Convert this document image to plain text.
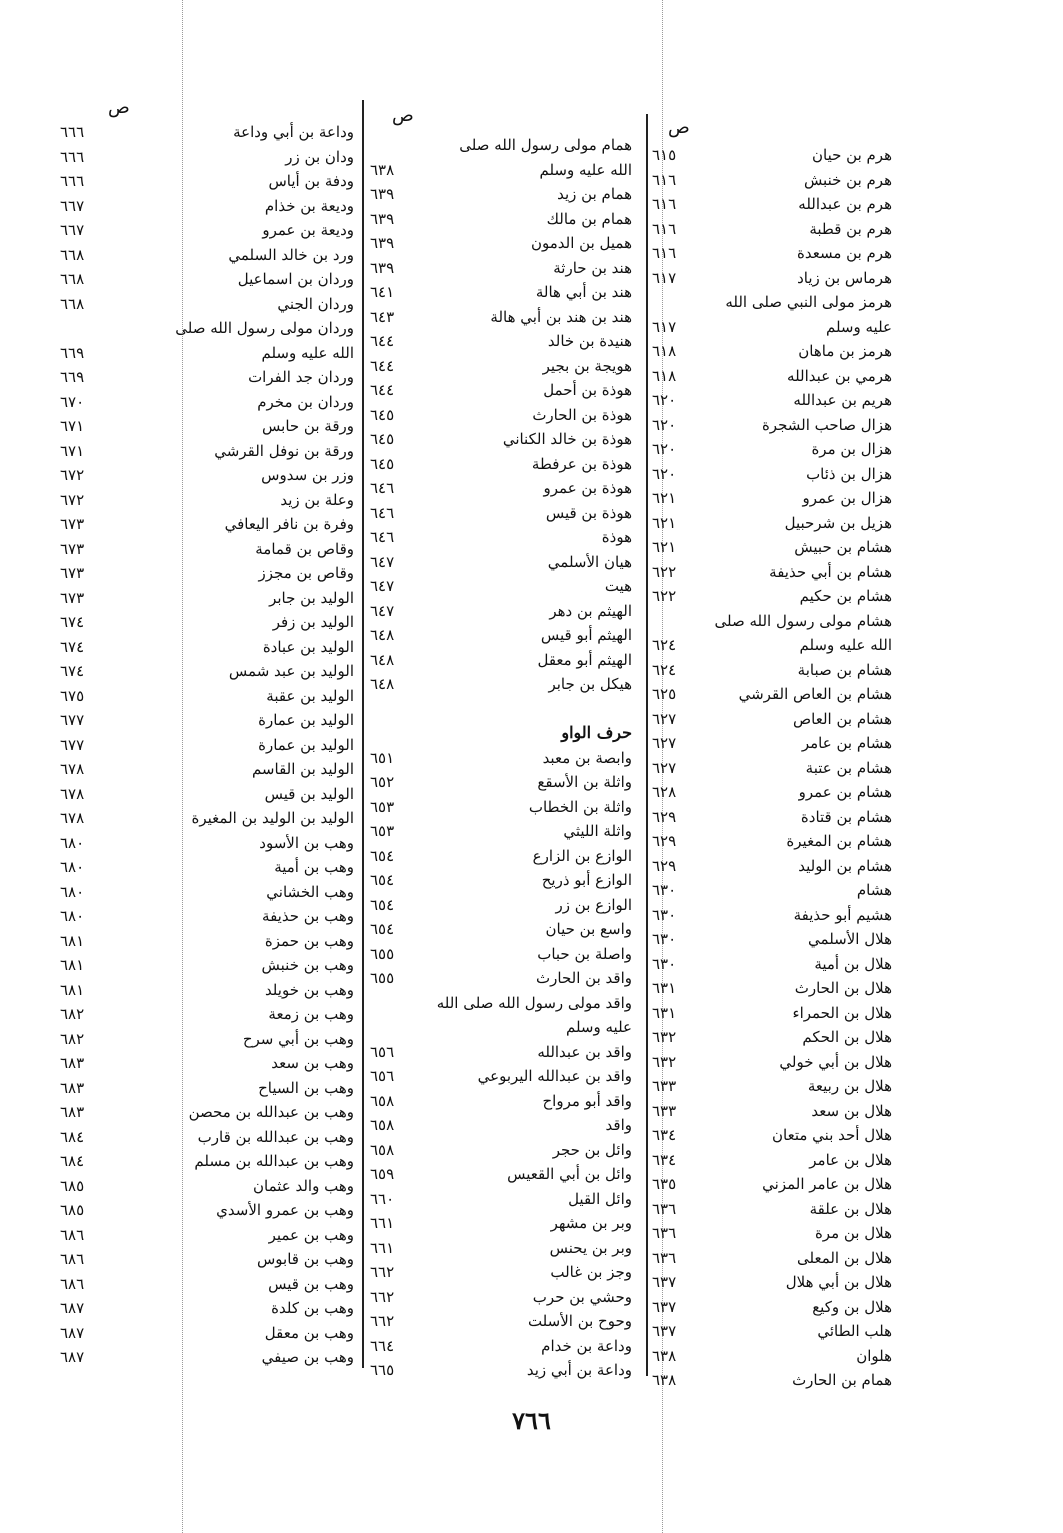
ص
ص
ص
هرم بن حيان
٦١٥
هرم بن خنبش
٦١٦
هرم بن عبدالله
٦١٦
هرم بن قطبة
٦١٦
هرم بن مسعدة
٦١٦
هرماس بن زياد
٦١٧
هرمز مولى النبي صلى الله
عليه وسلم
٦١٧
هرمز بن ماهان
٦١٨
هرمي بن عبدالله
٦١٨
هريم بن عبدالله
٦٢٠
هزال صاحب الشجرة
٦٢٠
هزال بن مرة
٦٢٠
هزال بن ذئاب
٦٢٠
هزال بن عمرو
٦٢١
هزيل بن شرحبيل
٦٢١
هشام بن حبيش
٦٢١
هشام بن أبي حذيفة
٦٢٢
هشام بن حكيم
٦٢٢
هشام مولى رسول الله صلى
الله عليه وسلم
٦٢٤
هشام بن صبابة
٦٢٤
هشام بن العاص القرشي
٦٢٥
هشام بن العاص
٦٢٧
هشام بن عامر
٦٢٧
هشام بن عتبة
٦٢٧
هشام بن عمرو
٦٢٨
هشام بن قتادة
٦٢٩
هشام بن المغيرة
٦٢٩
هشام بن الوليد
٦٢٩
هشام
٦٣٠
هشيم أبو حذيفة
٦٣٠
هلال الأسلمي
٦٣٠
هلال بن أمية
٦٣٠
هلال بن الحارث
٦٣١
هلال بن الحمراء
٦٣١
هلال بن الحكم
٦٣٢
هلال بن أبي خولي
٦٣٢
هلال بن ربيعة
٦٣٣
هلال بن سعد
٦٣٣
هلال أحد بني متعان
٦٣٤
هلال بن عامر
٦٣٤
هلال بن عامر المزني
٦٣٥
هلال بن علقة
٦٣٦
هلال بن مرة
٦٣٦
هلال بن المعلى
٦٣٦
هلال بن أبي هلال
٦٣٧
هلال بن وكيع
٦٣٧
هلب الطائي
٦٣٧
هلوان
٦٣٨
همام بن الحارث
٦٣٨
همام مولى رسول الله صلى
الله عليه وسلم
٦٣٨
همام بن زيد
٦٣٩
همام بن مالك
٦٣٩
هميل بن الدمون
٦٣٩
هند بن حارثة
٦٣٩
هند بن أبي هالة
٦٤١
هند بن هند بن أبي هالة
٦٤٣
هنيدة بن خالد
٦٤٤
هويجة بن بجير
٦٤٤
هوذة بن أحمل
٦٤٤
هوذة بن الحارث
٦٤٥
هوذة بن خالد الكناني
٦٤٥
هوذة بن عرفطة
٦٤٥
هوذة بن عمرو
٦٤٦
هوذة بن قيس
٦٤٦
هوذة
٦٤٦
هيان الأسلمي
٦٤٧
هيت
٦٤٧
الهيثم بن دهر
٦٤٧
الهيثم أبو قيس
٦٤٨
الهيثم أبو معقل
٦٤٨
هيكل بن جابر
٦٤٨
حرف الواو
وابصة بن معبد
٦٥١
واثلة بن الأسقع
٦٥٢
واثلة بن الخطاب
٦٥٣
واثلة الليثي
٦٥٣
الوازع بن الزارع
٦٥٤
الوازع أبو ذريح
٦٥٤
الوازع بن زر
٦٥٤
واسع بن حيان
٦٥٤
واصلة بن حباب
٦٥٥
واقد بن الحارث
٦٥٥
واقد مولى رسول الله صلى الله
عليه وسلم
واقد بن عبدالله
٦٥٦
واقد بن عبدالله اليربوعي
٦٥٦
واقد أبو مرواح
٦٥٨
واقد
٦٥٨
وائل بن حجر
٦٥٨
وائل بن أبي القعيس
٦٥٩
وائل القيل
٦٦٠
وبر بن مشهر
٦٦١
وبر بن يحنس
٦٦١
وجز بن غالب
٦٦٢
وحشي بن حرب
٦٦٢
وحوح بن الأسلت
٦٦٢
وداعة بن خدام
٦٦٤
وداعة بن أبي زيد
٦٦٥
وداعة بن أبي وداعة
٦٦٦
ودان بن زر
٦٦٦
ودفة بن أياس
٦٦٦
وديعة بن خذام
٦٦٧
وديعة بن عمرو
٦٦٧
ورد بن خالد السلمي
٦٦٨
وردان بن اسماعيل
٦٦٨
وردان الجني
٦٦٨
وردان مولى رسول الله صلى
الله عليه وسلم
٦٦٩
وردان جد الفرات
٦٦٩
وردان بن مخرم
٦٧٠
ورقة بن حابس
٦٧١
ورقة بن نوفل القرشي
٦٧١
وزر بن سدوس
٦٧٢
وعلة بن زيد
٦٧٢
وفرة بن نافر اليعافي
٦٧٣
وقاص بن قمامة
٦٧٣
وقاص بن مجزز
٦٧٣
الوليد بن جابر
٦٧٣
الوليد بن زفر
٦٧٤
الوليد بن عبادة
٦٧٤
الوليد بن عبد شمس
٦٧٤
الوليد بن عقبة
٦٧٥
الوليد بن عمارة
٦٧٧
الوليد بن عمارة
٦٧٧
الوليد بن القاسم
٦٧٨
الوليد بن قيس
٦٧٨
الوليد بن الوليد بن المغيرة
٦٧٨
وهب بن الأسود
٦٨٠
وهب بن أمية
٦٨٠
وهب الخشاني
٦٨٠
وهب بن حذيفة
٦٨٠
وهب بن حمزة
٦٨١
وهب بن خنبش
٦٨١
وهب بن خويلد
٦٨١
وهب بن زمعة
٦٨٢
وهب بن أبي سرح
٦٨٢
وهب بن سعد
٦٨٣
وهب بن السياح
٦٨٣
وهب بن عبدالله بن محصن
٦٨٣
وهب بن عبدالله بن قارب
٦٨٤
وهب بن عبدالله بن مسلم
٦٨٤
وهب والد عثمان
٦٨٥
وهب بن عمرو الأسدي
٦٨٥
وهب بن عمير
٦٨٦
وهب بن قابوس
٦٨٦
وهب بن قيس
٦٨٦
وهب بن كلدة
٦٨٧
وهب بن معقل
٦٨٧
وهب بن صيفي
٦٨٧
٧٦٦
